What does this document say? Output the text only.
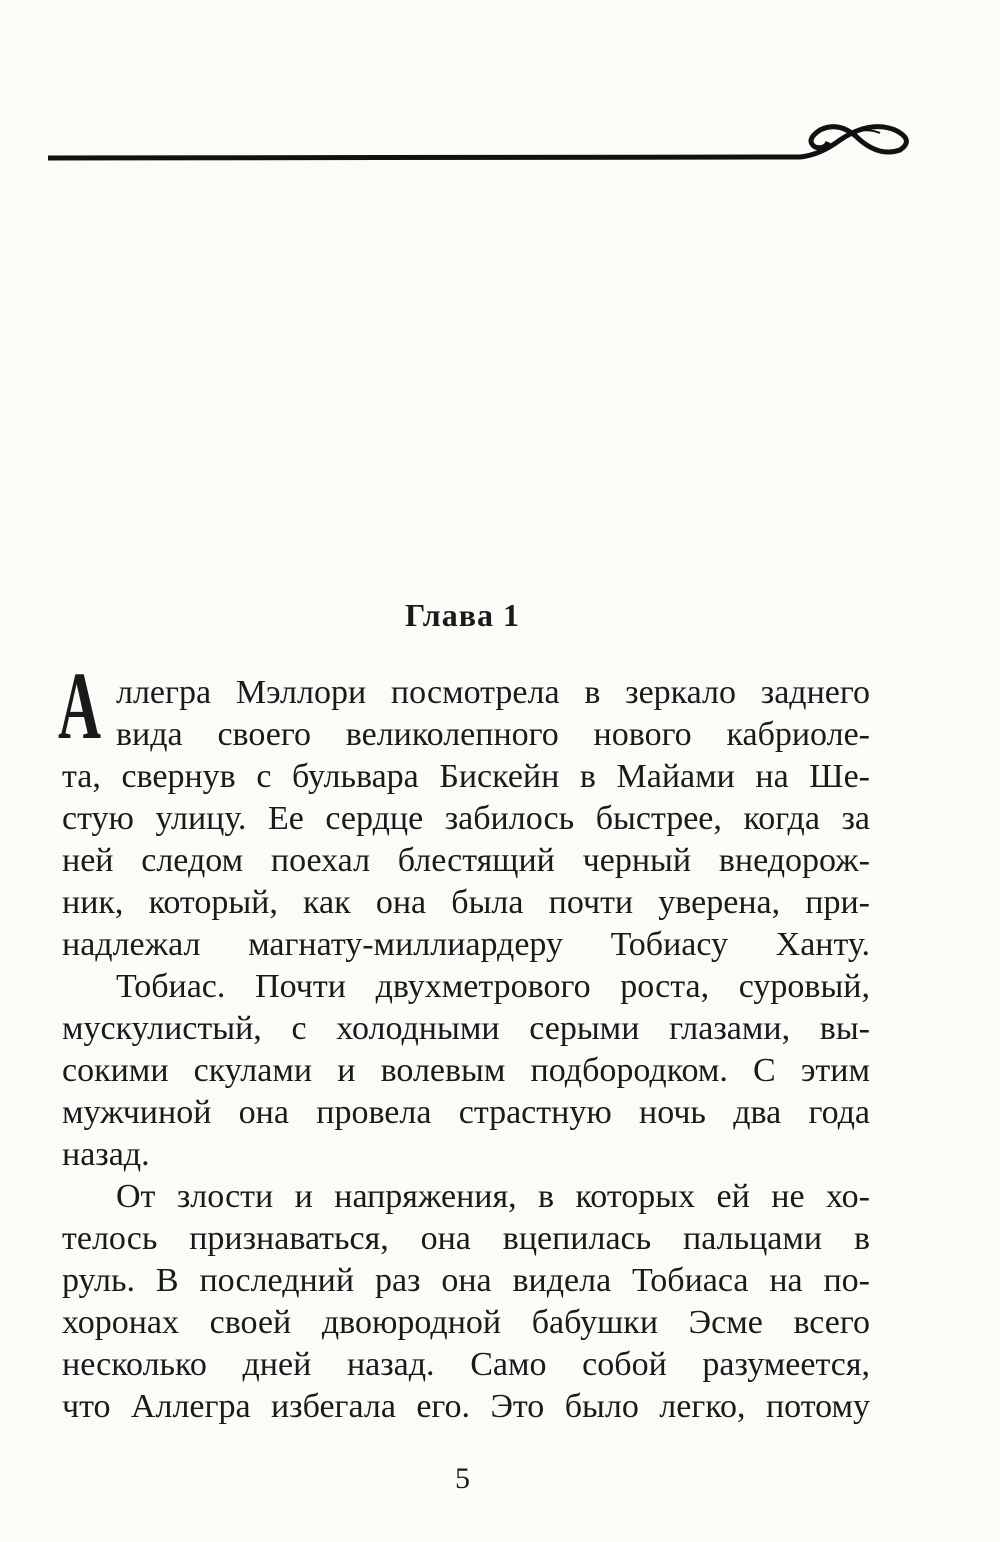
Глава 1
А ллегра Мэллори посмотрела в зеркало заднего
вида своего великолепного нового кабриоле-
та, свернув с бульвара Бискейн в Майами на Ше-
стую улицу. Ее сердце забилось быстрее, когда за
ней следом поехал блестящий черный внедорож-
ник, который, как она была почти уверена, при-
надлежал магнату-миллиардеру Тобиасу Ханту.
Тобиас. Почти двухметрового роста, суровый,
мускулистый, с холодными серыми глазами, вы-
сокими скулами и волевым подбородком. С этим
мужчиной она провела страстную ночь два года
назад.
От злости и напряжения, в которых ей не хо-
телось признаваться, она вцепилась пальцами в
руль. В последний раз она видела Тобиаса на по-
хоронах своей двоюродной бабушки Эсме всего
несколько дней назад. Само собой разумеется,
что Аллегра избегала его. Это было легко, потому
5
